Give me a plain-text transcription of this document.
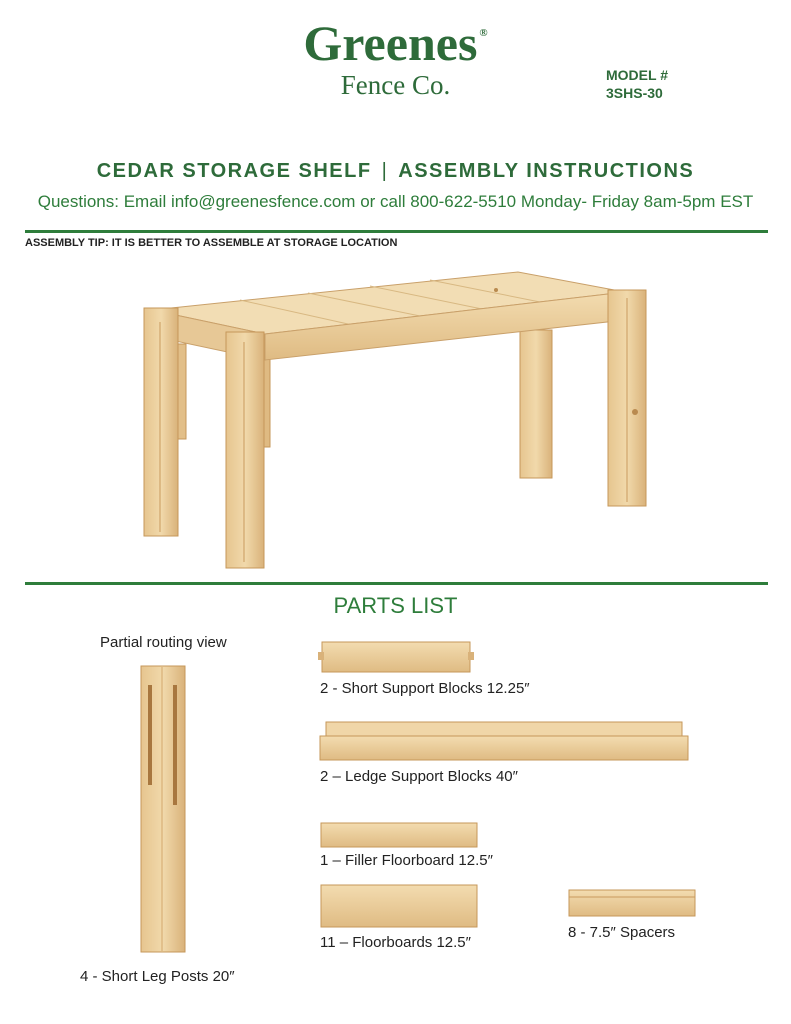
Greenes ®
Fence Co.	MODEL #
3SHS-30
CEDAR STORAGE SHELF | ASSEMBLY INSTRUCTIONS
Questions: Email info@greenesfence.com or call 800-622-5510 Monday- Friday 8am-5pm EST
ASSEMBLY TIP: IT IS BETTER TO ASSEMBLE AT STORAGE LOCATION
PARTS LIST
Partial routing view
4 - Short Leg Posts 20″
2 - Short Support Blocks 12.25″
2 – Ledge Support Blocks 40″
1 – Filler Floorboard 12.5″
11 – Floorboards 12.5″
8 - 7.5″ Spacers
